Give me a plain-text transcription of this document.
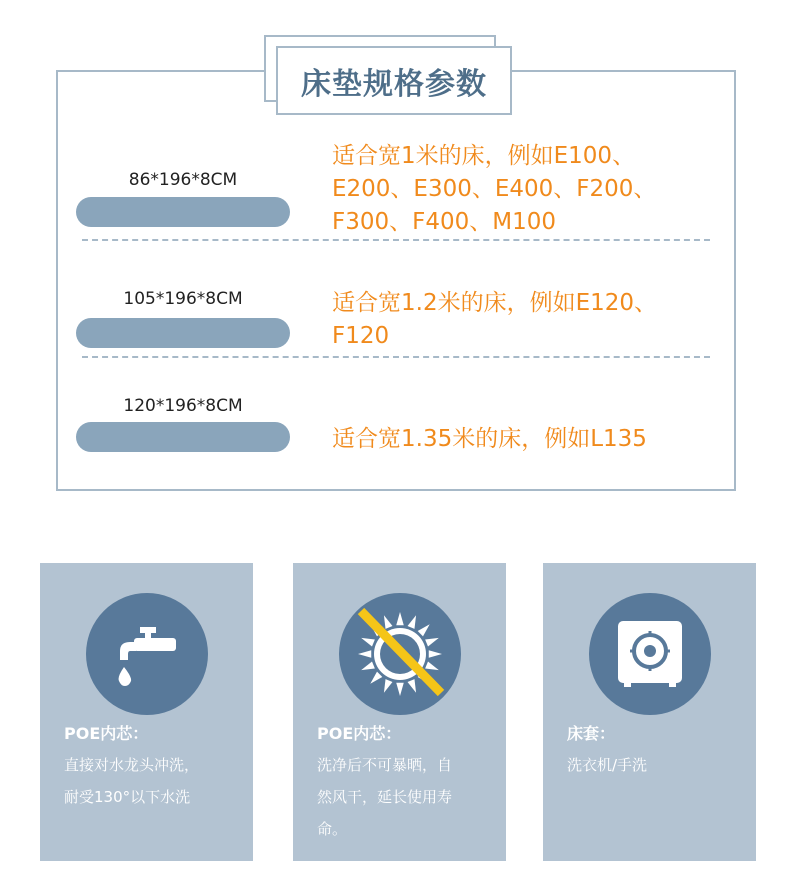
床垫规格参数
86*196*8CM
适合宽1米的床，例如E100、
E200、E300、E400、F200、
F300、F400、M100
105*196*8CM	适合宽1.2米的床，例如E120、
F120
120*196*8CM
适合宽1.35米的床，例如L135
POE内芯：
直接对水龙头冲洗，
耐受130°以下水洗
POE内芯：
洗净后不可暴晒，自
然风干，延长使用寿
命。
床套：
洗衣机/手洗
